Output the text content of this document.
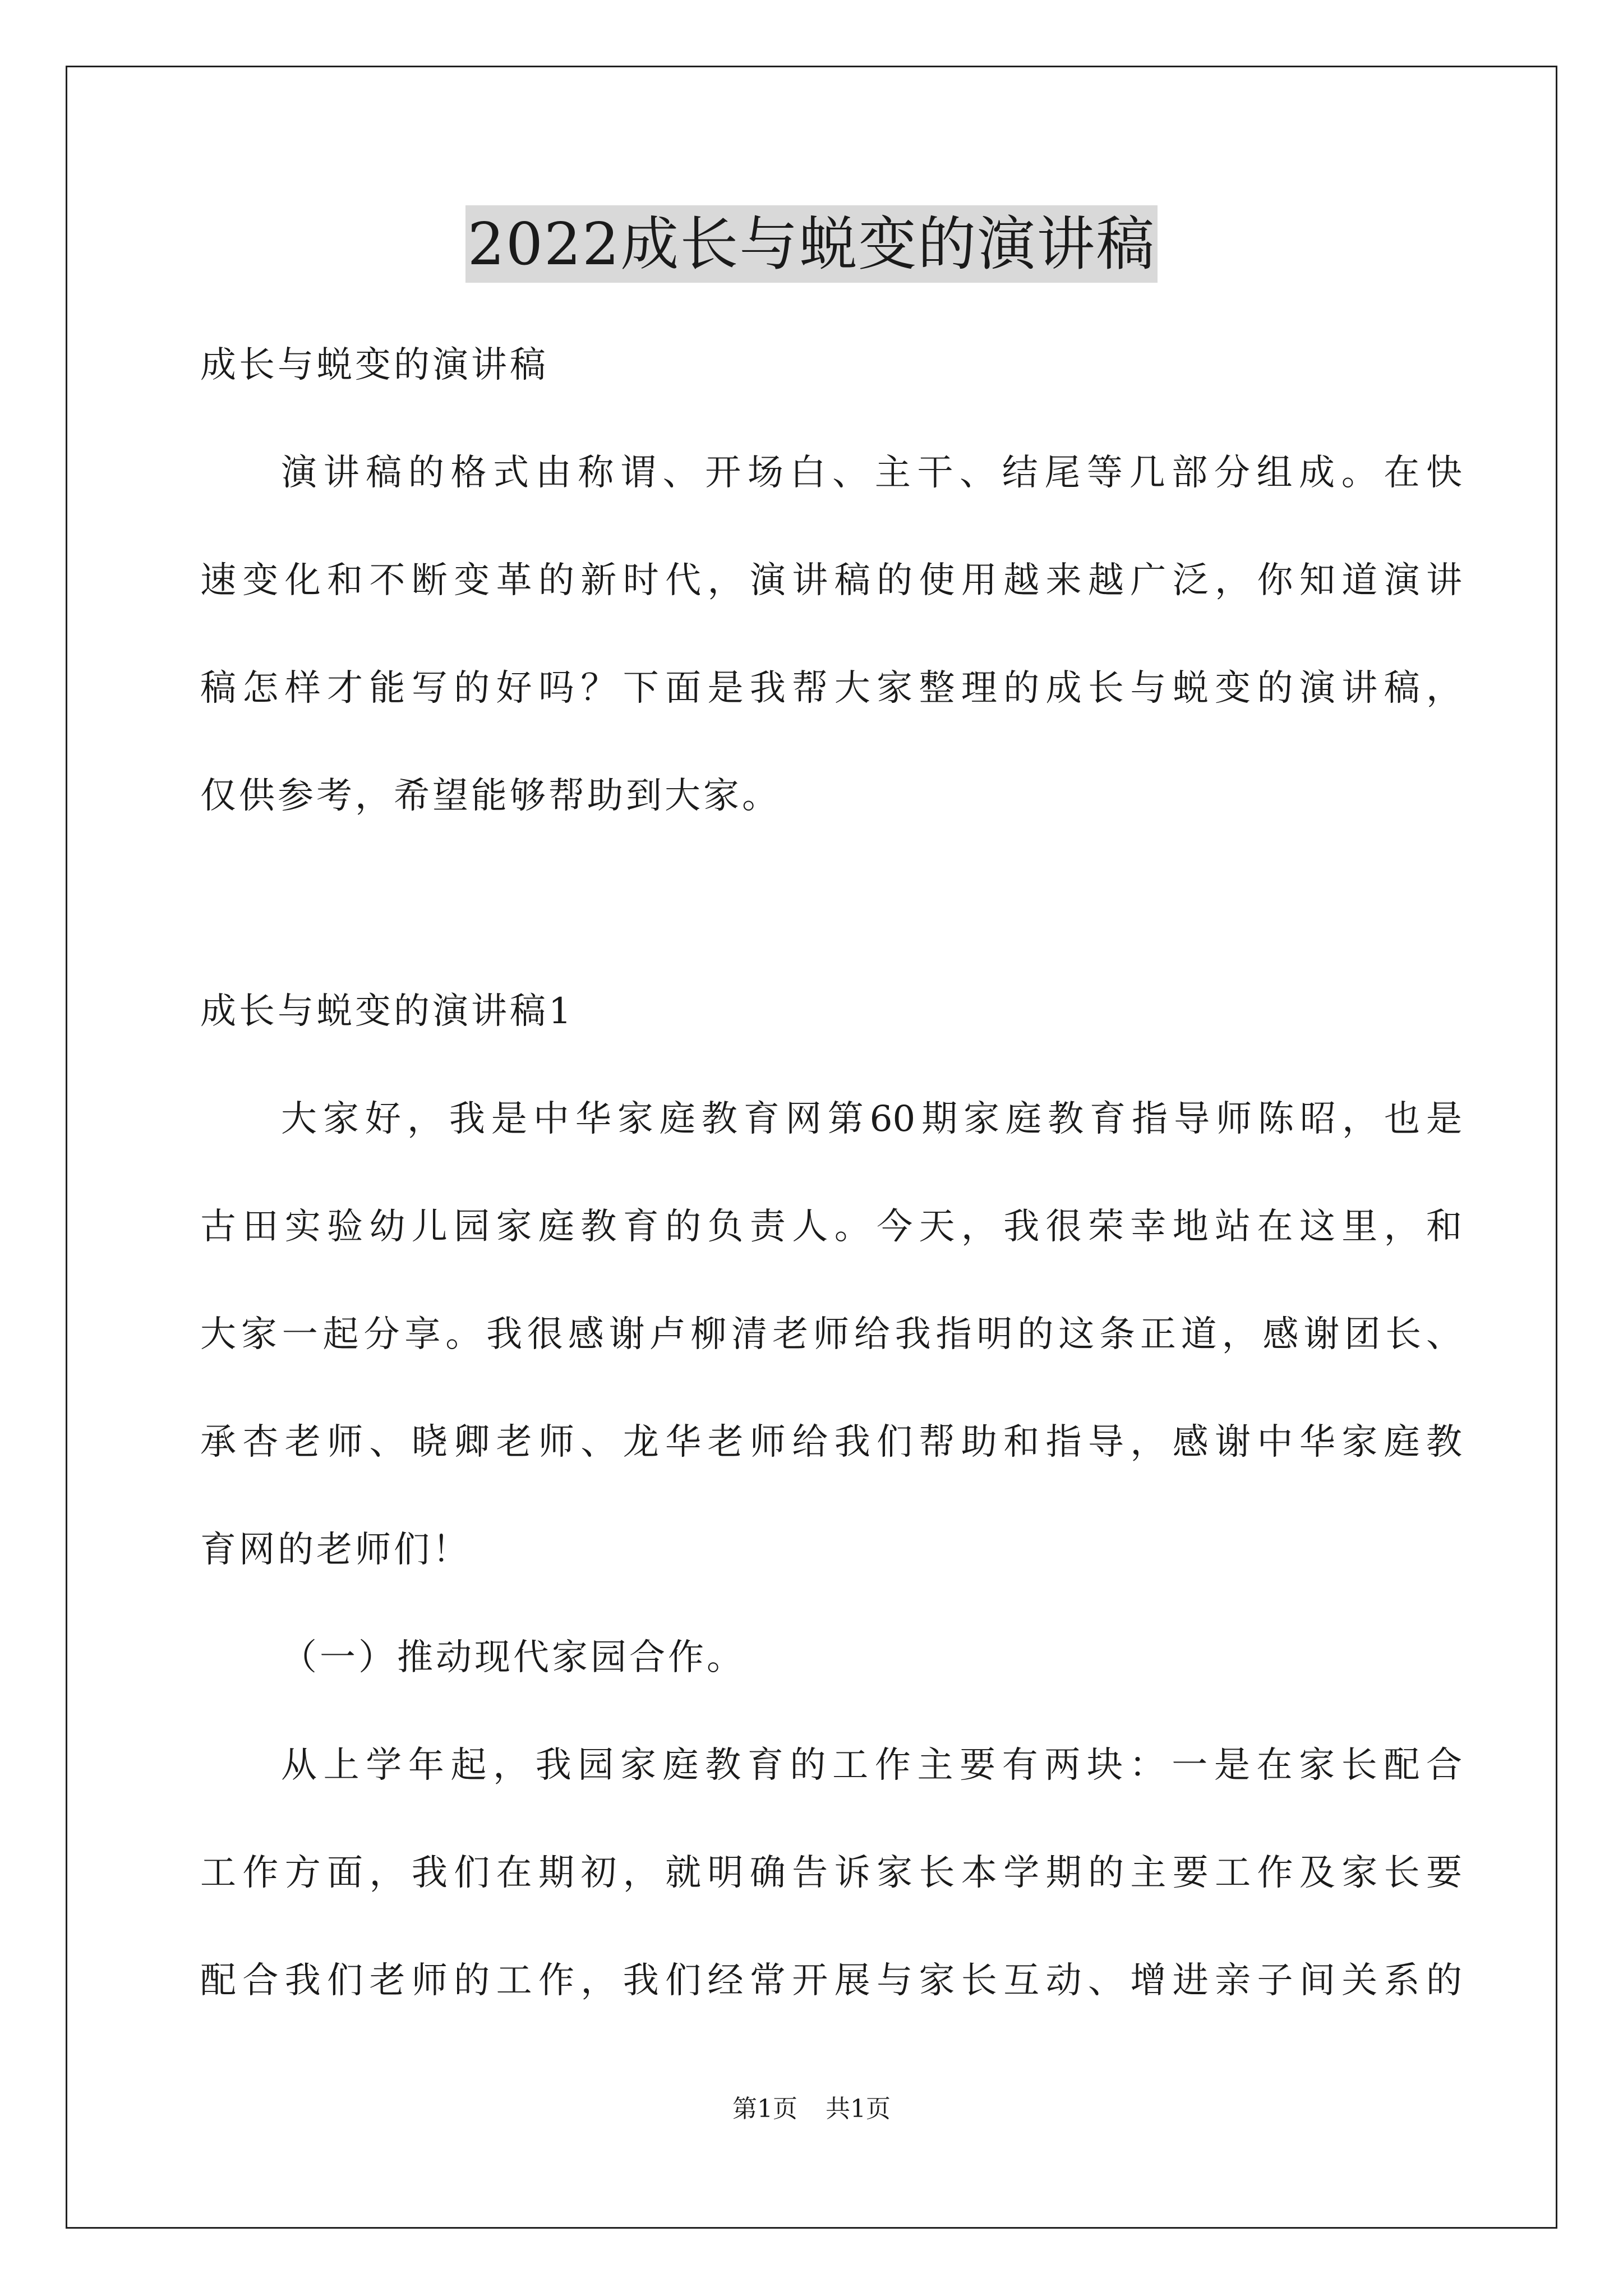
2022成长与蜕变的演讲稿
成长与蜕变的演讲稿
演讲稿的格式由称谓、开场白、主干、结尾等几部分组成。在快
速变化和不断变革的新时代，演讲稿的使用越来越广泛，你知道演讲
稿怎样才能写的好吗？下面是我帮大家整理的成长与蜕变的演讲稿，
仅供参考，希望能够帮助到大家。
成长与蜕变的演讲稿1
大家好，我是中华家庭教育网第60期家庭教育指导师陈昭，也是
古田实验幼儿园家庭教育的负责人。今天，我很荣幸地站在这里，和
大家一起分享。我很感谢卢柳清老师给我指明的这条正道，感谢团长、
承杏老师、晓卿老师、龙华老师给我们帮助和指导，感谢中华家庭教
育网的老师们！
（一）推动现代家园合作。
从上学年起，我园家庭教育的工作主要有两块：一是在家长配合
工作方面，我们在期初，就明确告诉家长本学期的主要工作及家长要
配合我们老师的工作，我们经常开展与家长互动、增进亲子间关系的
第1页 共1页
